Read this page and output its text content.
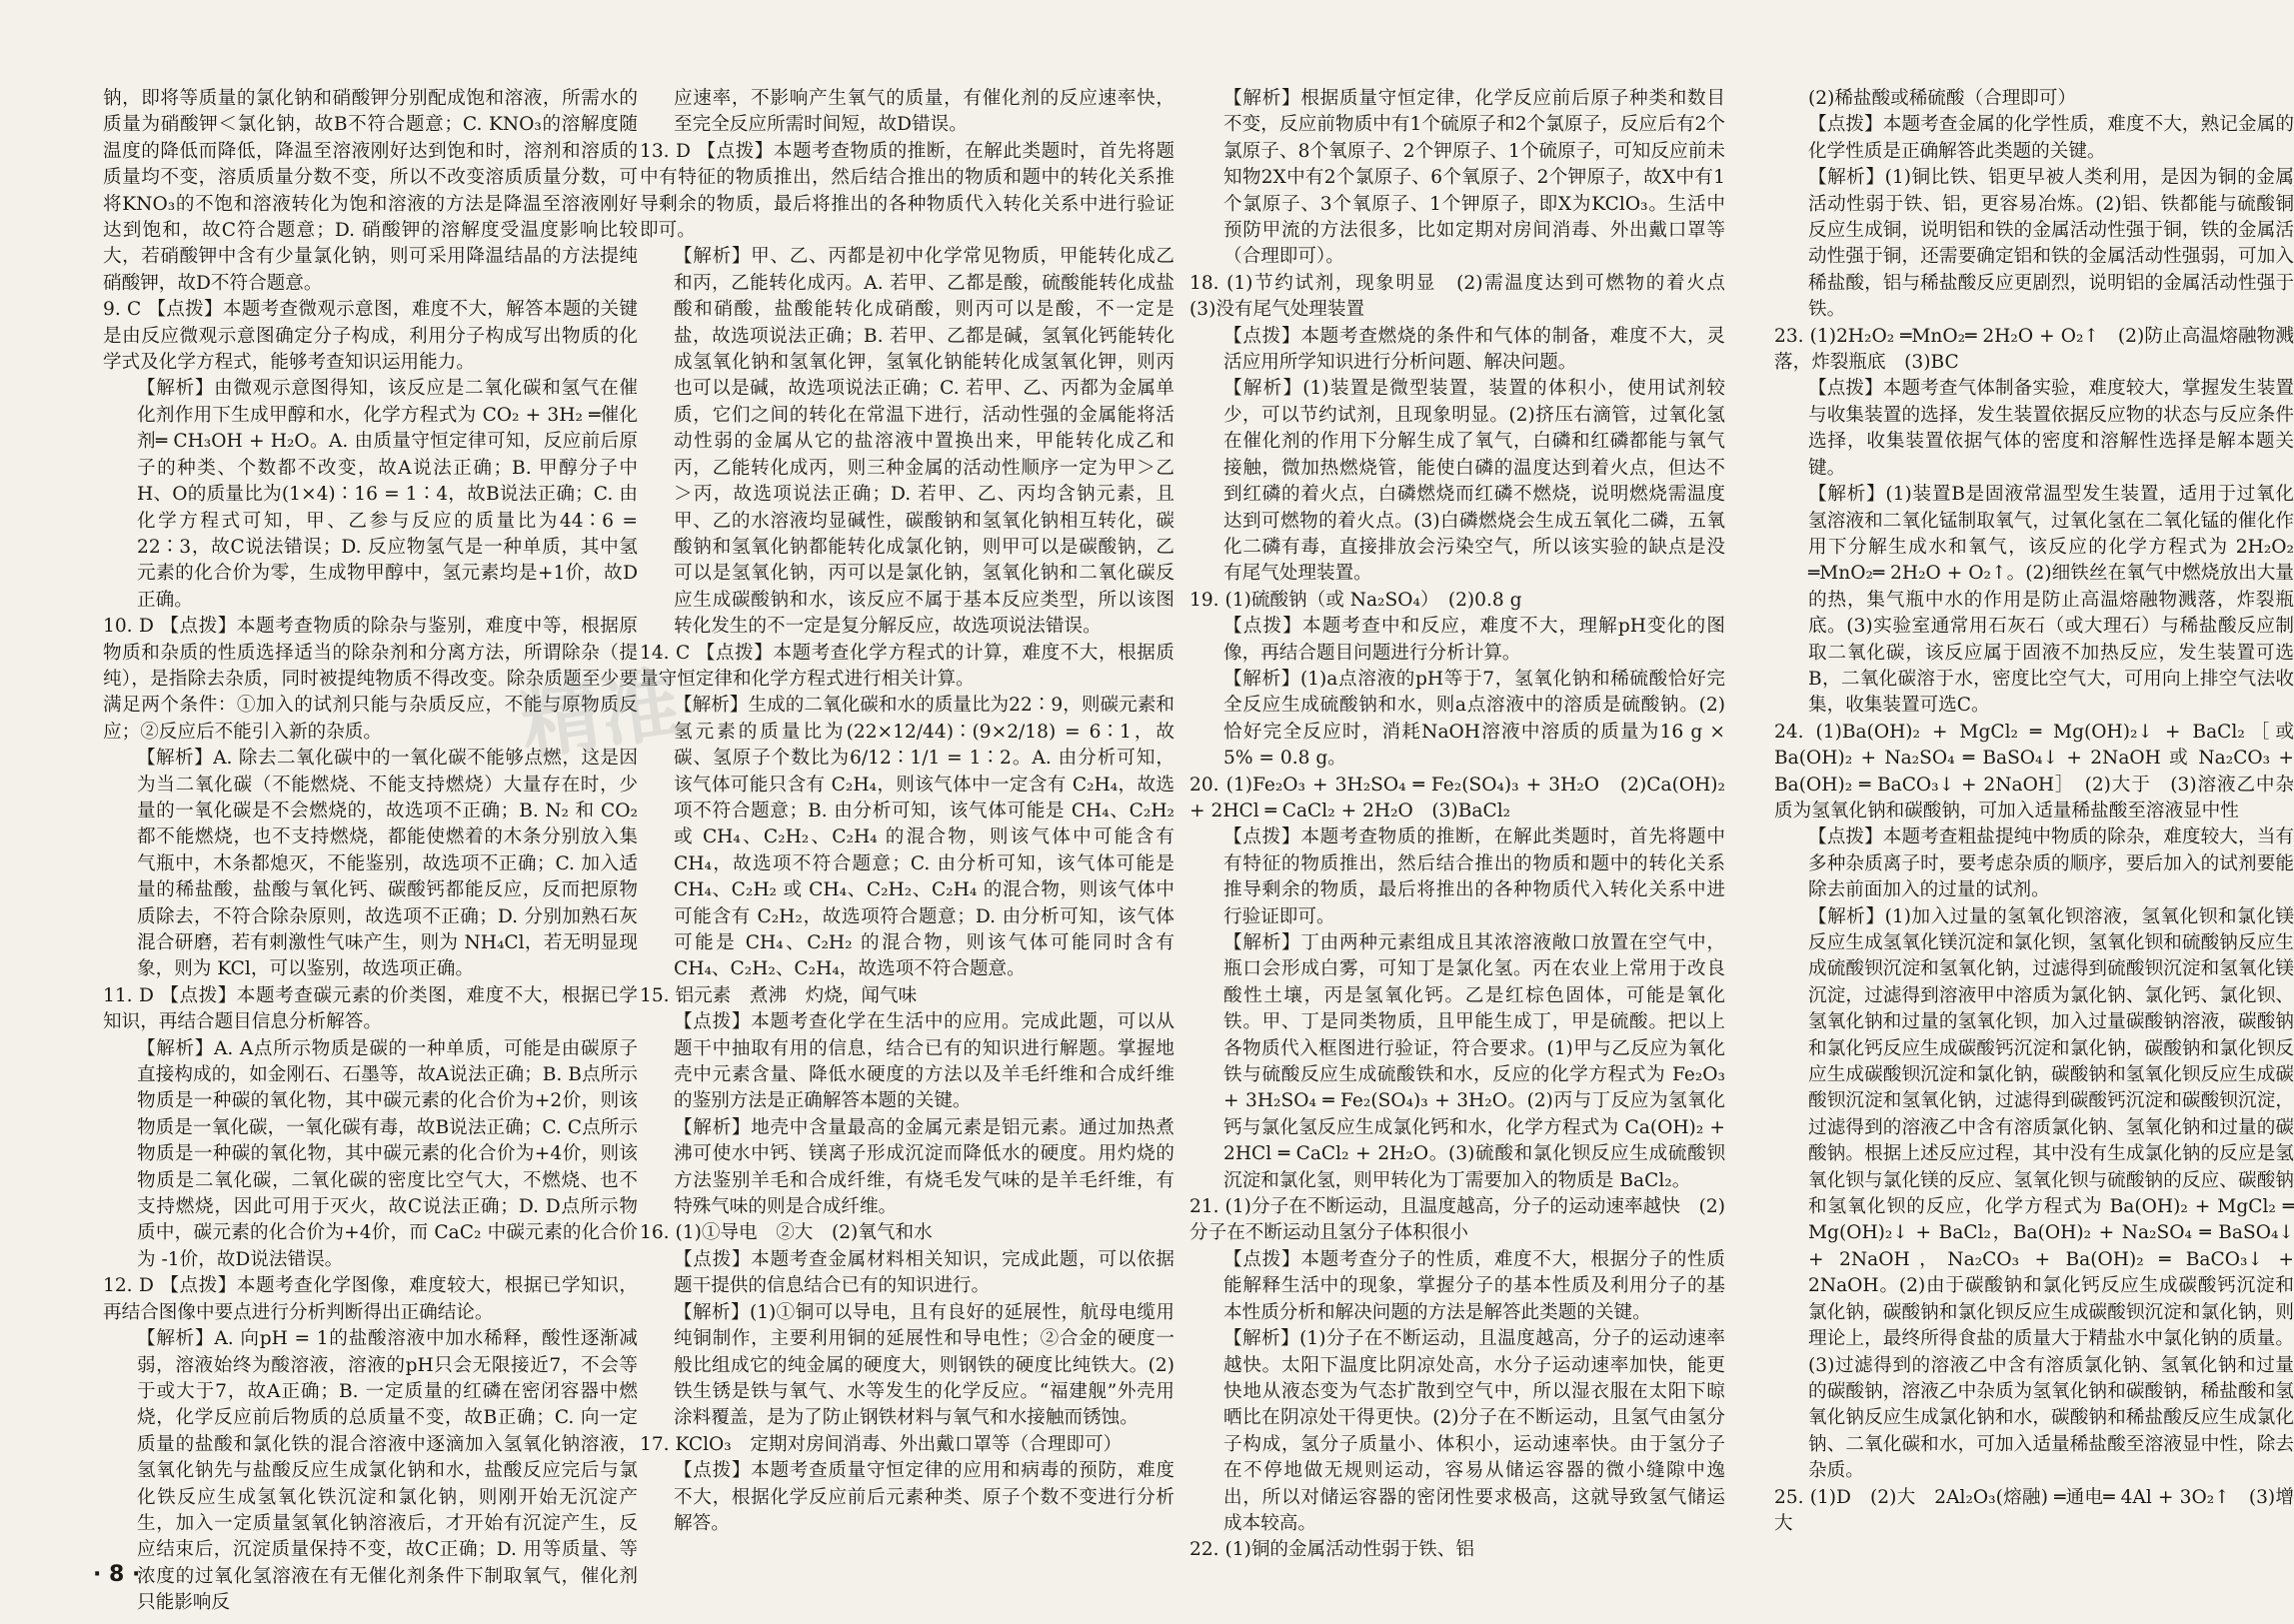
钠，即将等质量的氯化钠和硝酸钾分别配成饱和溶液，所需水的质量为硝酸钾＜氯化钠，故B不符合题意；C. KNO₃的溶解度随温度的降低而降低，降温至溶液刚好达到饱和时，溶剂和溶质的质量均不变，溶质质量分数不变，所以不改变溶质质量分数，可将KNO₃的不饱和溶液转化为饱和溶液的方法是降温至溶液刚好达到饱和，故C符合题意；D. 硝酸钾的溶解度受温度影响比较大，若硝酸钾中含有少量氯化钠，则可采用降温结晶的方法提纯硝酸钾，故D不符合题意。

9. C 【点拨】本题考查微观示意图，难度不大，解答本题的关键是由反应微观示意图确定分子构成，利用分子构成写出物质的化学式及化学方程式，能够考查知识运用能力。

【解析】由微观示意图得知，该反应是二氧化碳和氢气在催化剂作用下生成甲醇和水，化学方程式为 CO₂ + 3H₂ ═催化剂═ CH₃OH + H₂O。A. 由质量守恒定律可知，反应前后原子的种类、个数都不改变，故A说法正确；B. 甲醇分子中H、O的质量比为(1×4)∶16 = 1∶4，故B说法正确；C. 由化学方程式可知，甲、乙参与反应的质量比为44∶6 = 22∶3，故C说法错误；D. 反应物氢气是一种单质，其中氢元素的化合价为零，生成物甲醇中，氢元素均是+1价，故D正确。

10. D 【点拨】本题考查物质的除杂与鉴别，难度中等，根据原物质和杂质的性质选择适当的除杂剂和分离方法，所谓除杂（提纯），是指除去杂质，同时被提纯物质不得改变。除杂质题至少要满足两个条件：①加入的试剂只能与杂质反应，不能与原物质反应；②反应后不能引入新的杂质。

【解析】A. 除去二氧化碳中的一氧化碳不能够点燃，这是因为当二氧化碳（不能燃烧、不能支持燃烧）大量存在时，少量的一氧化碳是不会燃烧的，故选项不正确；B. N₂ 和 CO₂ 都不能燃烧，也不支持燃烧，都能使燃着的木条分别放入集气瓶中，木条都熄灭，不能鉴别，故选项不正确；C. 加入适量的稀盐酸，盐酸与氧化钙、碳酸钙都能反应，反而把原物质除去，不符合除杂原则，故选项不正确；D. 分别加熟石灰混合研磨，若有刺激性气味产生，则为 NH₄Cl，若无明显现象，则为 KCl，可以鉴别，故选项正确。

11. D 【点拨】本题考查碳元素的价类图，难度不大，根据已学知识，再结合题目信息分析解答。

【解析】A. A点所示物质是碳的一种单质，可能是由碳原子直接构成的，如金刚石、石墨等，故A说法正确；B. B点所示物质是一种碳的氧化物，其中碳元素的化合价为+2价，则该物质是一氧化碳，一氧化碳有毒，故B说法正确；C. C点所示物质是一种碳的氧化物，其中碳元素的化合价为+4价，则该物质是二氧化碳，二氧化碳的密度比空气大，不燃烧、也不支持燃烧，因此可用于灭火，故C说法正确；D. D点所示物质中，碳元素的化合价为+4价，而 CaC₂ 中碳元素的化合价为 -1价，故D说法错误。

12. D 【点拨】本题考查化学图像，难度较大，根据已学知识，再结合图像中要点进行分析判断得出正确结论。

【解析】A. 向pH = 1的盐酸溶液中加水稀释，酸性逐渐减弱，溶液始终为酸溶液，溶液的pH只会无限接近7，不会等于或大于7，故A正确；B. 一定质量的红磷在密闭容器中燃烧，化学反应前后物质的总质量不变，故B正确；C. 向一定质量的盐酸和氯化铁的混合溶液中逐滴加入氢氧化钠溶液，氢氧化钠先与盐酸反应生成氯化钠和水，盐酸反应完后与氯化铁反应生成氢氧化铁沉淀和氯化钠，则刚开始无沉淀产生，加入一定质量氢氧化钠溶液后，才开始有沉淀产生，反应结束后，沉淀质量保持不变，故C正确；D. 用等质量、等浓度的过氧化氢溶液在有无催化剂条件下制取氧气，催化剂只能影响反

应速率，不影响产生氧气的质量，有催化剂的反应速率快，至完全反应所需时间短，故D错误。

13. D 【点拨】本题考查物质的推断，在解此类题时，首先将题中有特征的物质推出，然后结合推出的物质和题中的转化关系推导剩余的物质，最后将推出的各种物质代入转化关系中进行验证即可。

【解析】甲、乙、丙都是初中化学常见物质，甲能转化成乙和丙，乙能转化成丙。A. 若甲、乙都是酸，硫酸能转化成盐酸和硝酸，盐酸能转化成硝酸，则丙可以是酸，不一定是盐，故选项说法正确；B. 若甲、乙都是碱，氢氧化钙能转化成氢氧化钠和氢氧化钾，氢氧化钠能转化成氢氧化钾，则丙也可以是碱，故选项说法正确；C. 若甲、乙、丙都为金属单质，它们之间的转化在常温下进行，活动性强的金属能将活动性弱的金属从它的盐溶液中置换出来，甲能转化成乙和丙，乙能转化成丙，则三种金属的活动性顺序一定为甲＞乙＞丙，故选项说法正确；D. 若甲、乙、丙均含钠元素，且甲、乙的水溶液均显碱性，碳酸钠和氢氧化钠相互转化，碳酸钠和氢氧化钠都能转化成氯化钠，则甲可以是碳酸钠，乙可以是氢氧化钠，丙可以是氯化钠，氢氧化钠和二氧化碳反应生成碳酸钠和水，该反应不属于基本反应类型，所以该图转化发生的不一定是复分解反应，故选项说法错误。

14. C 【点拨】本题考查化学方程式的计算，难度不大，根据质量守恒定律和化学方程式进行相关计算。

【解析】生成的二氧化碳和水的质量比为22∶9，则碳元素和氢元素的质量比为(22×12/44)∶(9×2/18) = 6∶1，故碳、氢原子个数比为6/12∶1/1 = 1∶2。A. 由分析可知，该气体可能只含有 C₂H₄，则该气体中一定含有 C₂H₄，故选项不符合题意；B. 由分析可知，该气体可能是 CH₄、C₂H₂ 或 CH₄、C₂H₂、C₂H₄ 的混合物，则该气体中可能含有 CH₄，故选项不符合题意；C. 由分析可知，该气体可能是 CH₄、C₂H₂ 或 CH₄、C₂H₂、C₂H₄ 的混合物，则该气体中可能含有 C₂H₂，故选项符合题意；D. 由分析可知，该气体可能是 CH₄、C₂H₂ 的混合物，则该气体可能同时含有 CH₄、C₂H₂、C₂H₄，故选项不符合题意。

15. 铝元素　煮沸　灼烧，闻气味

【点拨】本题考查化学在生活中的应用。完成此题，可以从题干中抽取有用的信息，结合已有的知识进行解题。掌握地壳中元素含量、降低水硬度的方法以及羊毛纤维和合成纤维的鉴别方法是正确解答本题的关键。

【解析】地壳中含量最高的金属元素是铝元素。通过加热煮沸可使水中钙、镁离子形成沉淀而降低水的硬度。用灼烧的方法鉴别羊毛和合成纤维，有烧毛发气味的是羊毛纤维，有特殊气味的则是合成纤维。

16. (1)①导电　②大　(2)氧气和水

【点拨】本题考查金属材料相关知识，完成此题，可以依据题干提供的信息结合已有的知识进行。

【解析】(1)①铜可以导电，且有良好的延展性，航母电缆用纯铜制作，主要利用铜的延展性和导电性；②合金的硬度一般比组成它的纯金属的硬度大，则钢铁的硬度比纯铁大。(2)铁生锈是铁与氧气、水等发生的化学反应。“福建舰”外壳用涂料覆盖，是为了防止钢铁材料与氧气和水接触而锈蚀。

17. KClO₃　定期对房间消毒、外出戴口罩等（合理即可）

【点拨】本题考查质量守恒定律的应用和病毒的预防，难度不大，根据化学反应前后元素种类、原子个数不变进行分析解答。

【解析】根据质量守恒定律，化学反应前后原子种类和数目不变，反应前物质中有1个硫原子和2个氯原子，反应后有2个氯原子、8个氧原子、2个钾原子、1个硫原子，可知反应前未知物2X中有2个氯原子、6个氧原子、2个钾原子，故X中有1个氯原子、3个氧原子、1个钾原子，即X为KClO₃。生活中预防甲流的方法很多，比如定期对房间消毒、外出戴口罩等（合理即可）。

18. (1)节约试剂，现象明显　(2)需温度达到可燃物的着火点　(3)没有尾气处理装置

【点拨】本题考查燃烧的条件和气体的制备，难度不大，灵活应用所学知识进行分析问题、解决问题。

【解析】(1)装置是微型装置，装置的体积小，使用试剂较少，可以节约试剂，且现象明显。(2)挤压右滴管，过氧化氢在催化剂的作用下分解生成了氧气，白磷和红磷都能与氧气接触，微加热燃烧管，能使白磷的温度达到着火点，但达不到红磷的着火点，白磷燃烧而红磷不燃烧，说明燃烧需温度达到可燃物的着火点。(3)白磷燃烧会生成五氧化二磷，五氧化二磷有毒，直接排放会污染空气，所以该实验的缺点是没有尾气处理装置。

19. (1)硫酸钠（或 Na₂SO₄）　(2)0.8 g

【点拨】本题考查中和反应，难度不大，理解pH变化的图像，再结合题目问题进行分析计算。

【解析】(1)a点溶液的pH等于7，氢氧化钠和稀硫酸恰好完全反应生成硫酸钠和水，则a点溶液中的溶质是硫酸钠。(2)恰好完全反应时，消耗NaOH溶液中溶质的质量为16 g × 5% = 0.8 g。

20. (1)Fe₂O₃ + 3H₂SO₄ ═ Fe₂(SO₄)₃ + 3H₂O　(2)Ca(OH)₂ + 2HCl ═ CaCl₂ + 2H₂O　(3)BaCl₂

【点拨】本题考查物质的推断，在解此类题时，首先将题中有特征的物质推出，然后结合推出的物质和题中的转化关系推导剩余的物质，最后将推出的各种物质代入转化关系中进行验证即可。

【解析】丁由两种元素组成且其浓溶液敞口放置在空气中，瓶口会形成白雾，可知丁是氯化氢。丙在农业上常用于改良酸性土壤，丙是氢氧化钙。乙是红棕色固体，可能是氧化铁。甲、丁是同类物质，且甲能生成丁，甲是硫酸。把以上各物质代入框图进行验证，符合要求。(1)甲与乙反应为氧化铁与硫酸反应生成硫酸铁和水，反应的化学方程式为 Fe₂O₃ + 3H₂SO₄ ═ Fe₂(SO₄)₃ + 3H₂O。(2)丙与丁反应为氢氧化钙与氯化氢反应生成氯化钙和水，化学方程式为 Ca(OH)₂ + 2HCl ═ CaCl₂ + 2H₂O。(3)硫酸和氯化钡反应生成硫酸钡沉淀和氯化氢，则甲转化为丁需要加入的物质是 BaCl₂。

21. (1)分子在不断运动，且温度越高，分子的运动速率越快　(2)分子在不断运动且氢分子体积很小

【点拨】本题考查分子的性质，难度不大，根据分子的性质能解释生活中的现象，掌握分子的基本性质及利用分子的基本性质分析和解决问题的方法是解答此类题的关键。

【解析】(1)分子在不断运动，且温度越高，分子的运动速率越快。太阳下温度比阴凉处高，水分子运动速率加快，能更快地从液态变为气态扩散到空气中，所以湿衣服在太阳下晾晒比在阴凉处干得更快。(2)分子在不断运动，且氢气由氢分子构成，氢分子质量小、体积小，运动速率快。由于氢分子在不停地做无规则运动，容易从储运容器的微小缝隙中逸出，所以对储运容器的密闭性要求极高，这就导致氢气储运成本较高。

22. (1)铜的金属活动性弱于铁、铝

(2)稀盐酸或稀硫酸（合理即可）

【点拨】本题考查金属的化学性质，难度不大，熟记金属的化学性质是正确解答此类题的关键。

【解析】(1)铜比铁、铝更早被人类利用，是因为铜的金属活动性弱于铁、铝，更容易冶炼。(2)铝、铁都能与硫酸铜反应生成铜，说明铝和铁的金属活动性强于铜，铁的金属活动性强于铜，还需要确定铝和铁的金属活动性强弱，可加入稀盐酸，铝与稀盐酸反应更剧烈，说明铝的金属活动性强于铁。

23. (1)2H₂O₂ ═MnO₂═ 2H₂O + O₂↑　(2)防止高温熔融物溅落，炸裂瓶底　(3)BC

【点拨】本题考查气体制备实验，难度较大，掌握发生装置与收集装置的选择，发生装置依据反应物的状态与反应条件选择，收集装置依据气体的密度和溶解性选择是解本题关键。

【解析】(1)装置B是固液常温型发生装置，适用于过氧化氢溶液和二氧化锰制取氧气，过氧化氢在二氧化锰的催化作用下分解生成水和氧气，该反应的化学方程式为 2H₂O₂ ═MnO₂═ 2H₂O + O₂↑。(2)细铁丝在氧气中燃烧放出大量的热，集气瓶中水的作用是防止高温熔融物溅落，炸裂瓶底。(3)实验室通常用石灰石（或大理石）与稀盐酸反应制取二氧化碳，该反应属于固液不加热反应，发生装置可选B，二氧化碳溶于水，密度比空气大，可用向上排空气法收集，收集装置可选C。

24. (1)Ba(OH)₂ + MgCl₂ ═ Mg(OH)₂↓ + BaCl₂［或 Ba(OH)₂ + Na₂SO₄ ═ BaSO₄↓ + 2NaOH 或 Na₂CO₃ + Ba(OH)₂ ═ BaCO₃↓ + 2NaOH］　(2)大于　(3)溶液乙中杂质为氢氧化钠和碳酸钠，可加入适量稀盐酸至溶液显中性

【点拨】本题考查粗盐提纯中物质的除杂，难度较大，当有多种杂质离子时，要考虑杂质的顺序，要后加入的试剂要能除去前面加入的过量的试剂。

【解析】(1)加入过量的氢氧化钡溶液，氢氧化钡和氯化镁反应生成氢氧化镁沉淀和氯化钡，氢氧化钡和硫酸钠反应生成硫酸钡沉淀和氢氧化钠，过滤得到硫酸钡沉淀和氢氧化镁沉淀，过滤得到溶液甲中溶质为氯化钠、氯化钙、氯化钡、氢氧化钠和过量的氢氧化钡，加入过量碳酸钠溶液，碳酸钠和氯化钙反应生成碳酸钙沉淀和氯化钠，碳酸钠和氯化钡反应生成碳酸钡沉淀和氯化钠，碳酸钠和氢氧化钡反应生成碳酸钡沉淀和氢氧化钠，过滤得到碳酸钙沉淀和碳酸钡沉淀，过滤得到的溶液乙中含有溶质氯化钠、氢氧化钠和过量的碳酸钠。根据上述反应过程，其中没有生成氯化钠的反应是氢氧化钡与氯化镁的反应、氢氧化钡与硫酸钠的反应、碳酸钠和氢氧化钡的反应，化学方程式为 Ba(OH)₂ + MgCl₂ ═ Mg(OH)₂↓ + BaCl₂，Ba(OH)₂ + Na₂SO₄ ═ BaSO₄↓ + 2NaOH，Na₂CO₃ + Ba(OH)₂ ═ BaCO₃↓ + 2NaOH。(2)由于碳酸钠和氯化钙反应生成碳酸钙沉淀和氯化钠，碳酸钠和氯化钡反应生成碳酸钡沉淀和氯化钠，则理论上，最终所得食盐的质量大于精盐水中氯化钠的质量。(3)过滤得到的溶液乙中含有溶质氯化钠、氢氧化钠和过量的碳酸钠，溶液乙中杂质为氢氧化钠和碳酸钠，稀盐酸和氢氧化钠反应生成氯化钠和水，碳酸钠和稀盐酸反应生成氯化钠、二氧化碳和水，可加入适量稀盐酸至溶液显中性，除去杂质。

25. (1)D　(2)大　2Al₂O₃(熔融) ═通电═ 4Al + 3O₂↑　(3)增大

· 8 ·
精准
